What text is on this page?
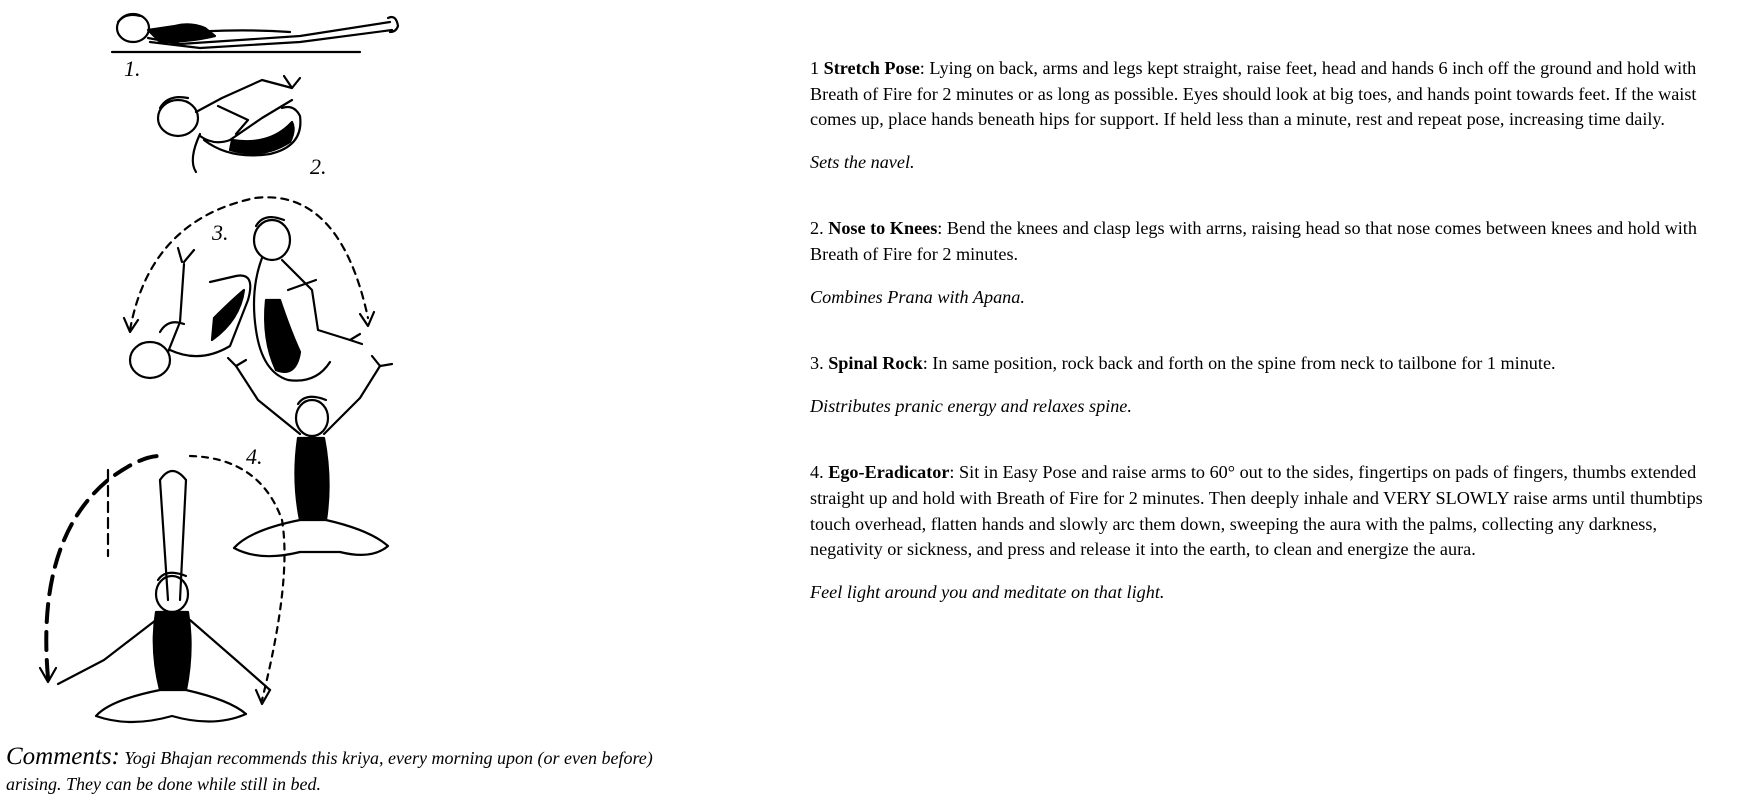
1.
2.
3.
4.
Comments: Yogi Bhajan recommends this kriya, every morning upon (or even before) arising. They can be done while still in bed.

1 Stretch Pose: Lying on back, arms and legs kept straight, raise feet, head and hands 6 inch off the ground and hold with Breath of Fire for 2 minutes or as long as possible. Eyes should look at big toes, and hands point towards feet. If the waist comes up, place hands beneath hips for support. If held less than a minute, rest and repeat pose, increasing time daily.

Sets the navel.

2. Nose to Knees: Bend the knees and clasp legs with arrns, raising head so that nose comes between knees and hold with Breath of Fire for 2 minutes.

Combines Prana with Apana.

3. Spinal Rock: In same position, rock back and forth on the spine from neck to tailbone for 1 minute.

Distributes pranic energy and relaxes spine.

4. Ego-Eradicator: Sit in Easy Pose and raise arms to 60° out to the sides, fingertips on pads of fingers, thumbs extended straight up and hold with Breath of Fire for 2 minutes. Then deeply inhale and VERY SLOWLY raise arms until thumbtips touch overhead, flatten hands and slowly arc them down, sweeping the aura with the palms, collecting any darkness, negativity or sickness, and press and release it into the earth, to clean and energize the aura.

Feel light around you and meditate on that light.
